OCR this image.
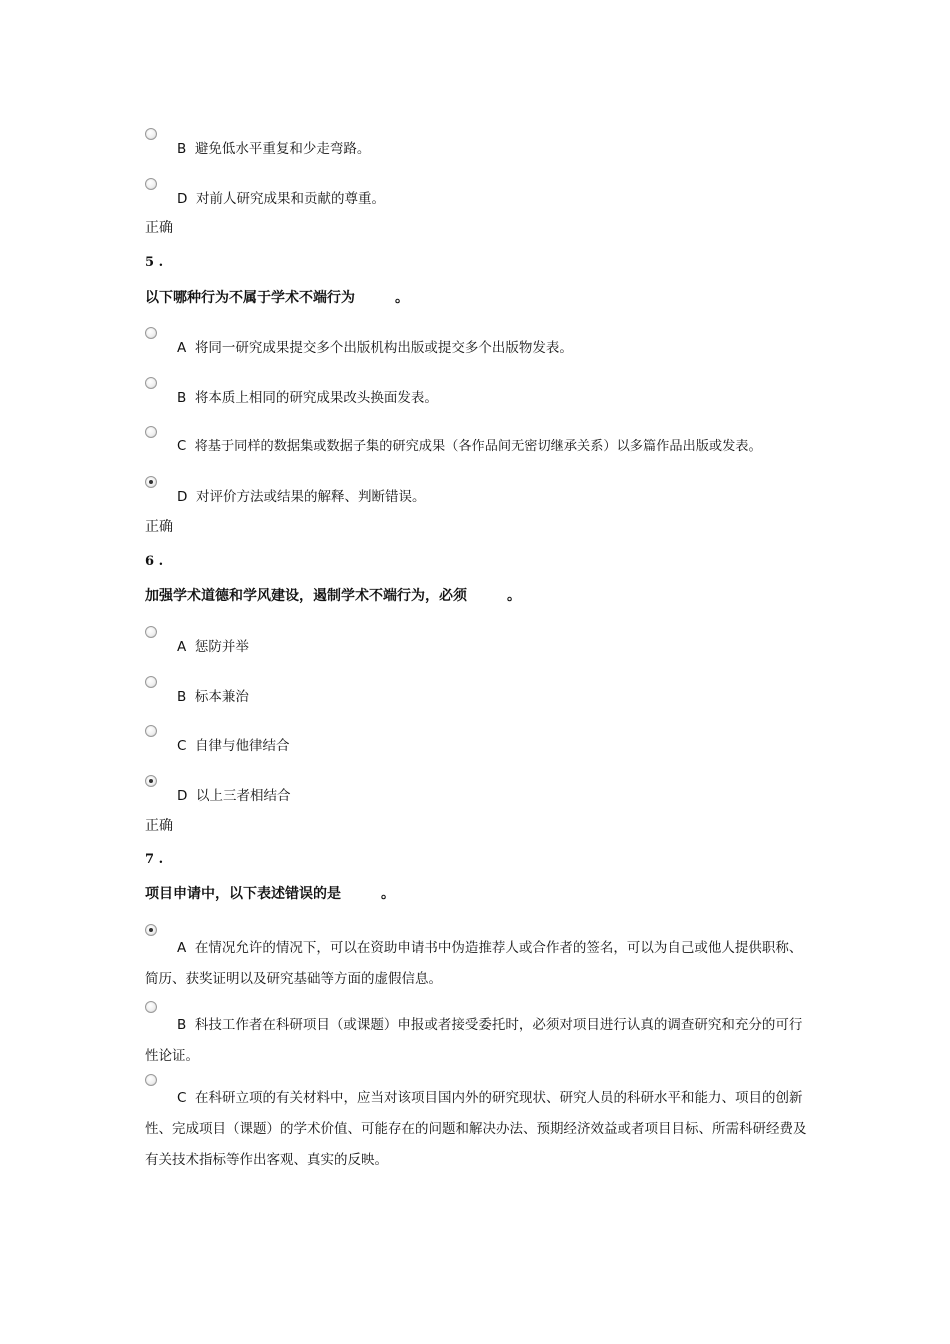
B 避免低水平重复和少走弯路。
D 对前人研究成果和贡献的尊重。
正确
5 .
以下哪种行为不属于学术不端行为	。
A 将同一研究成果提交多个出版机构出版或提交多个出版物发表。
B 将本质上相同的研究成果改头换面发表。
C 将基于同样的数据集或数据子集的研究成果（各作品间无密切继承关系）以多篇作品出版或发表。
D 对评价方法或结果的解释、判断错误。
正确
6 .
加强学术道德和学风建设，遏制学术不端行为，必须	。
A 惩防并举
B 标本兼治
C 自律与他律结合
D 以上三者相结合
正确
7 .
项目申请中，以下表述错误的是	。
A 在情况允许的情况下，可以在资助申请书中伪造推荐人或合作者的签名，可以为自己或他人提供职称、简历、获奖证明以及研究基础等方面的虚假信息。
B 科技工作者在科研项目（或课题）申报或者接受委托时，必须对项目进行认真的调查研究和充分的可行性论证。
C 在科研立项的有关材料中，应当对该项目国内外的研究现状、研究人员的科研水平和能力、项目的创新性、完成项目（课题）的学术价值、可能存在的问题和解决办法、预期经济效益或者项目目标、所需科研经费及有关技术指标等作出客观、真实的反映。
